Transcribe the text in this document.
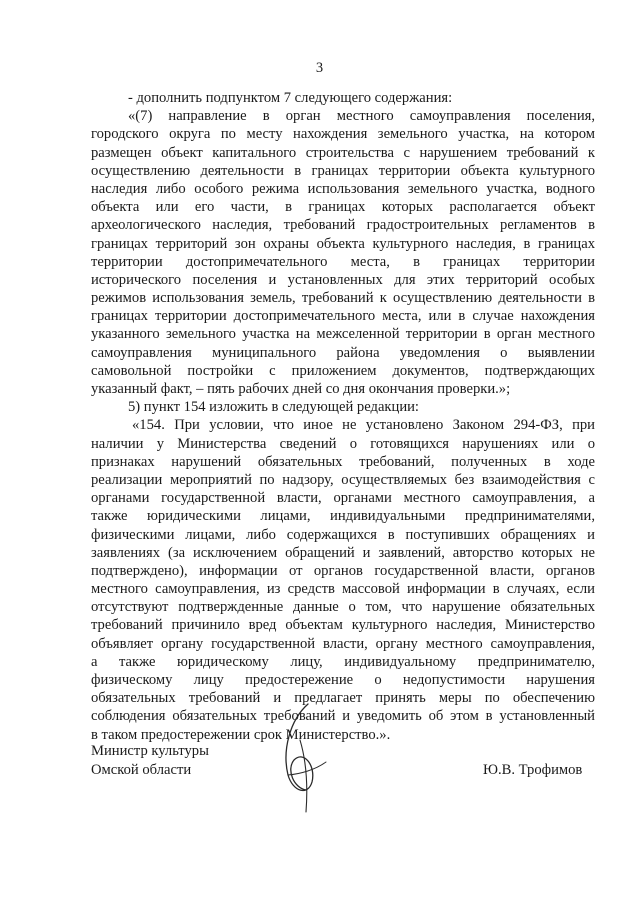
3
- дополнить подпунктом 7 следующего содержания:
«(7) направление в орган местного самоуправления поселения,
городского округа по месту нахождения земельного участка, на котором
размещен объект капитального строительства с нарушением требований к
осуществлению деятельности в границах территории объекта культурного
наследия либо особого режима использования земельного участка, водного
объекта или его части, в границах которых располагается объект
археологического наследия, требований градостроительных регламентов в
границах территорий зон охраны объекта культурного наследия, в границах
территории достопримечательного места, в границах территории
исторического поселения и установленных для этих территорий особых
режимов использования земель, требований к осуществлению деятельности в
границах территории достопримечательного места, или в случае нахождения
указанного земельного участка на межселенной территории в орган местного
самоуправления муниципального района уведомления о выявлении
самовольной постройки с приложением документов, подтверждающих
указанный факт, – пять рабочих дней со дня окончания проверки.»;
5) пункт 154 изложить в следующей редакции:
«154. При условии, что иное не установлено Законом 294-ФЗ, при
наличии у Министерства сведений о готовящихся нарушениях или о
признаках нарушений обязательных требований, полученных в ходе
реализации мероприятий по надзору, осуществляемых без взаимодействия с
органами государственной власти, органами местного самоуправления, а
также юридическими лицами, индивидуальными предпринимателями,
физическими лицами, либо содержащихся в поступивших обращениях и
заявлениях (за исключением обращений и заявлений, авторство которых не
подтверждено), информации от органов государственной власти, органов
местного самоуправления, из средств массовой информации в случаях, если
отсутствуют подтвержденные данные о том, что нарушение обязательных
требований причинило вред объектам культурного наследия, Министерство
объявляет органу государственной власти, органу местного самоуправления,
а также юридическому лицу, индивидуальному предпринимателю,
физическому лицу предостережение о недопустимости нарушения
обязательных требований и предлагает принять меры по обеспечению
соблюдения обязательных требований и уведомить об этом в установленный
в таком предостережении срок Министерство.».
Министр культуры
Омской области	Ю.В. Трофимов
